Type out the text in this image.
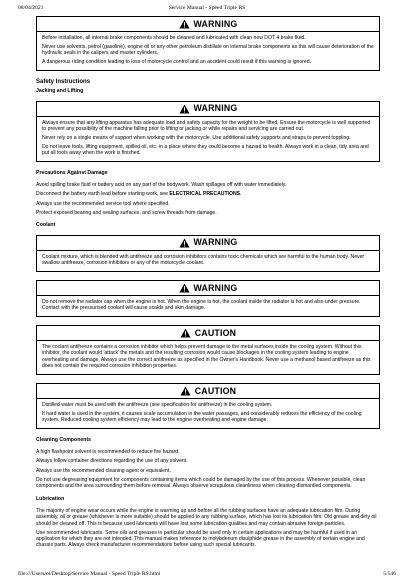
08/04/2021	Service Manual - Speed Triple RS
WARNING

Before installation, all internal brake components should be cleaned and lubricated with clean new DOT 4 brake fluid.

Never use solvents, petrol (gasoline), engine oil or any other petroleum distillate on internal brake components as this will cause deterioration of the hydraulic seals in the calipers and master cylinders.

A dangerous riding condition leading to loss of motorcycle control and an accident could result if this warning is ignored.

Safety Instructions
Jacking and Lifting
WARNING

Always ensure that any lifting apparatus has adequate load and safety capacity for the weight to be lifted. Ensure the motorcycle is well supported to prevent any possibility of the machine falling prior to lifting or jacking or while repairs and servicing are carried out.

Never rely on a single means of support when working with the motorcycle. Use additional safety supports and straps to prevent toppling.

Do not leave tools, lifting equipment, spilled oil, etc. in a place where they could become a hazard to health. Always work in a clean, tidy area and put all tools away when the work is finished.

Precautions Against Damage

Avoid spilling brake fluid or battery acid on any part of the bodywork. Wash spillages off with water immediately.

Disconnect the battery earth lead before starting work, see ELECTRICAL PRECAUTIONS.

Always use the recommended service tool where specified.

Protect exposed bearing and sealing surfaces, and screw threads from damage.

Coolant
WARNING

Coolant mixture, which is blended with antifreeze and corrosion inhibitors contains toxic chemicals which are harmful to the human body. Never swallow antifreeze, corrosion inhibitors or any of the motorcycle coolant.

WARNING

Do not remove the radiator cap when the engine is hot. When the engine is hot, the coolant inside the radiator is hot and also under pressure. Contact with the pressurised coolant will cause scalds and skin damage.

CAUTION

The coolant antifreeze contains a corrosion inhibitor which helps prevent damage to the metal surfaces inside the cooling system. Without this inhibitor, the coolant would 'attack' the metals and the resulting corrosion would cause blockages in the cooling system leading to engine overheating and damage. Always use the correct antifreeze as specified in the Owner's Handbook. Never use a methanol based antifreeze as this does not contain the required corrosion inhibition properties.

CAUTION

Distilled water must be used with the antifreeze (see specification for antifreeze) in the cooling system.

If hard water is used in the system, it causes scale accumulation in the water passages, and considerably reduces the efficiency of the cooling system. Reduced cooling system efficiency may lead to the engine overheating and engine damage.

Cleaning Components

A high flashpoint solvent is recommended to reduce fire hazard.

Always follow container directions regarding the use of any solvent.

Always use the recommended cleaning agent or equivalent.

Do not use degreasing equipment for components containing items which could be damaged by the use of this process. Whenever possible, clean components and the area surrounding them before removal. Always observe scrupulous cleanliness when cleaning dismantled components.

Lubrication

The majority of engine wear occurs while the engine is warming up and before all the rubbing surfaces have an adequate lubrication film. During assembly, oil or grease (whichever is more suitable) should be applied to any rubbing surface, which has lost its lubrication film. Old grease and dirty oil should be cleaned off. This is because used lubricants will have lost some lubrication qualities and may contain abrasive foreign particles.

Use recommended lubricants. Some oils and greases in particular should be used only in certain applications and may be harmful if used in an application for which they are not intended. This manual makes reference to molybdenum disulphide grease in the assembly of certain engine and chassis parts. Always check manufacturer recommendations before using such special lubricants.

file:///Users/ol/Desktop/Service Manual - Speed Triple RS.html	5/546
